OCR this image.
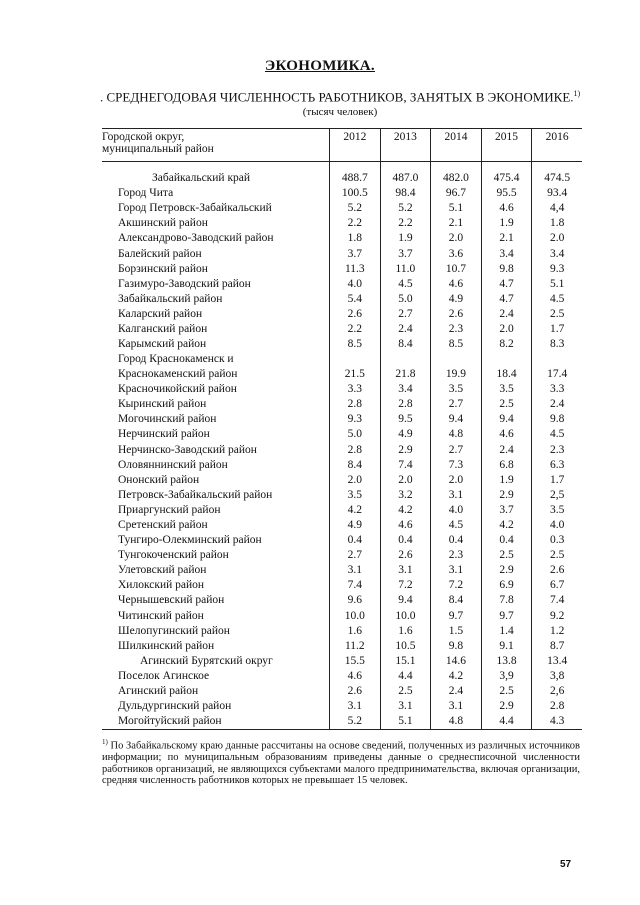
ЭКОНОМИКА.
. СРЕДНЕГОДОВАЯ ЧИСЛЕННОСТЬ РАБОТНИКОВ, ЗАНЯТЫХ В ЭКОНОМИКЕ.$^{1)}$
(тысяч человек)
Городской округ,
муниципальный район	2012	2013	2014	2015	2016

Забайкальский край	488.7	487.0	482.0	475.4	474.5
Город Чита	100.5	98.4	96.7	95.5	93.4
Город Петровск-Забайкальский	5.2	5.2	5.1	4.6	4,4
Акшинский район	2.2	2.2	2.1	1.9	1.8
Александрово-Заводский район	1.8	1.9	2.0	2.1	2.0
Балейский район	3.7	3.7	3.6	3.4	3.4
Борзинский район	11.3	11.0	10.7	9.8	9.3
Газимуро-Заводский район	4.0	4.5	4.6	4.7	5.1
Забайкальский район	5.4	5.0	4.9	4.7	4.5
Каларский район	2.6	2.7	2.6	2.4	2.5
Калганский район	2.2	2.4	2.3	2.0	1.7
Карымский район	8.5	8.4	8.5	8.2	8.3
Город Краснокаменск и
Краснокаменский район	21.5	21.8	19.9	18.4	17.4
Красночикойский район	3.3	3.4	3.5	3.5	3.3
Кыринский район	2.8	2.8	2.7	2.5	2.4
Могочинский район	9.3	9.5	9.4	9.4	9.8
Нерчинский район	5.0	4.9	4.8	4.6	4.5
Нерчинско-Заводский район	2.8	2.9	2.7	2.4	2.3
Оловяннинский район	8.4	7.4	7.3	6.8	6.3
Ононский район	2.0	2.0	2.0	1.9	1.7
Петровск-Забайкальский район	3.5	3.2	3.1	2.9	2,5
Приаргунский район	4.2	4.2	4.0	3.7	3.5
Сретенский район	4.9	4.6	4.5	4.2	4.0
Тунгиро-Олекминский район	0.4	0.4	0.4	0.4	0.3
Тунгокоченский район	2.7	2.6	2.3	2.5	2.5
Улетовский район	3.1	3.1	3.1	2.9	2.6
Хилокский район	7.4	7.2	7.2	6.9	6.7
Чернышевский район	9.6	9.4	8.4	7.8	7.4
Читинский район	10.0	10.0	9.7	9.7	9.2
Шелопугинский район	1.6	1.6	1.5	1.4	1.2
Шилкинский район	11.2	10.5	9.8	9.1	8.7
Агинский Бурятский округ	15.5	15.1	14.6	13.8	13.4
Поселок Агинское	4.6	4.4	4.2	3,9	3,8
Агинский район	2.6	2.5	2.4	2.5	2,6
Дульдургинский район	3.1	3.1	3.1	2.9	2.8
Могойтуйский район	5.2	5.1	4.8	4.4	4.3
$^{1)}$ По Забайкальскому краю данные рассчитаны на основе сведений, полученных из различных источников информации; по муниципальным образованиям приведены данные о среднесписочной численности работников организаций, не являющихся субъектами малого предпринимательства, включая организации, средняя численность работников которых не превышает 15 человек.
57
